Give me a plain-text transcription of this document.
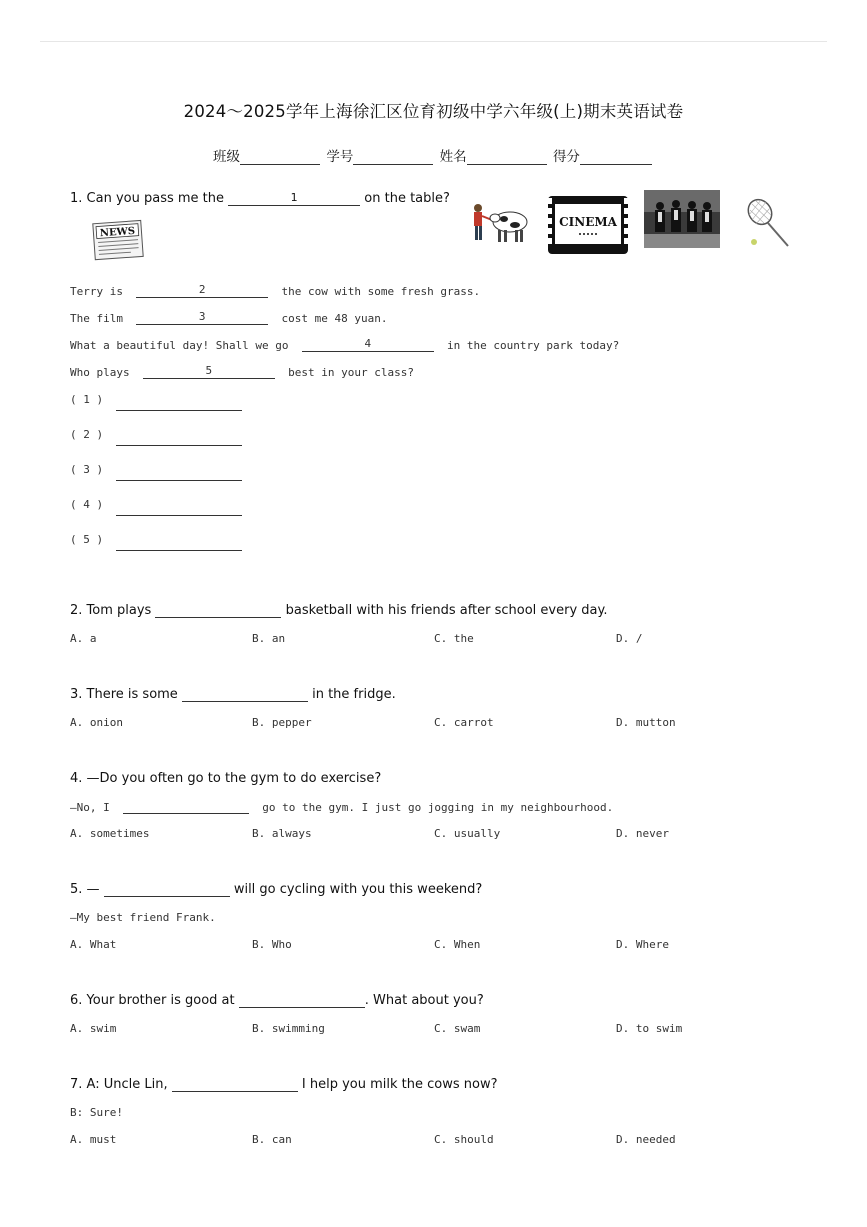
2024～2025学年上海徐汇区位育初级中学六年级(上)期末英语试卷
班级	学号	姓名	得分
1. Can you pass me the	1	on the table?
NEWS
CINEMA
Terry is	2	the cow with some fresh grass.
The film	3	cost me 48 yuan.
What a beautiful day! Shall we go	4	in the country park today?
Who plays	5	best in your class?
( 1 )
( 2 )
( 3 )
( 4 )
( 5 )
2. Tom plays	basketball with his friends after school every day.
A. a	B. an	C. the	D. /
3. There is some	in the fridge.
A. onion	B. pepper	C. carrot	D. mutton
4. —Do you often go to the gym to do exercise?
—No, I	go to the gym. I just go jogging in my neighbourhood.
A. sometimes	B. always	C. usually	D. never
5. —	will go cycling with you this weekend?
—My best friend Frank.
A. What	B. Who	C. When	D. Where
6. Your brother is good at	. What about you?
A. swim	B. swimming	C. swam	D. to swim
7. A: Uncle Lin,	I help you milk the cows now?
B: Sure!
A. must	B. can	C. should	D. needed
